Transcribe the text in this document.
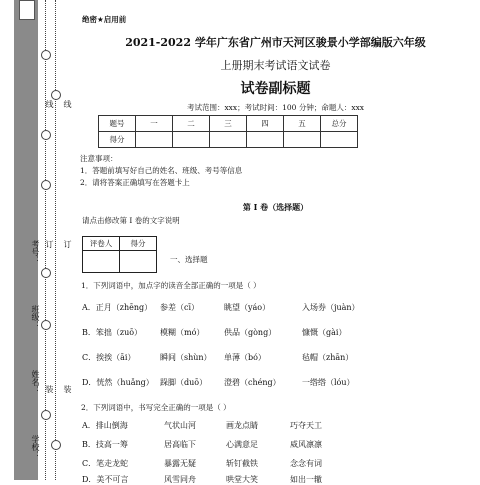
线
订
装
线
订
装
学校：
姓名：
班级：
考号：
绝密★启用前
2021-2022 学年广东省广州市天河区骏景小学部编版六年级
上册期末考试语文试卷
试卷副标题
考试范围：xxx；考试时间：100 分钟；命题人：xxx
题号	一	二	三	四	五	总分
得分						
注意事项：
1．答题前填写好自己的姓名、班级、考号等信息
2．请将答案正确填写在答题卡上
第 I 卷（选择题）
请点击修改第 I 卷的文字说明
评卷人	得分

一、选择题
1．下列词语中，加点字的读音全部正确的一项是（ ）
A．正月（zhēng） 参差（cī）	眺望（yáo）	入场券（juàn）
B．笨拙（zuō） 模糊（mó） 供品（gòng）	慷慨（gài）
C．挨挨（āi）	瞬间（shùn） 单薄（bó）	毡帽（zhān）
D．恍然（huǎng） 跺脚（duō） 澄碧（chéng）	一绺绺（lóu）
2．下列词语中，书写完全正确的一项是（ ）
A．排山倒海	气状山河	画龙点睛	巧夺天工
B．技高一筹	居高临下	心满意足	威风凛凛
C．笔走龙蛇	暴露无疑	斩钉截铁	念念有词
D．美不可言	风雪同舟	哄堂大笑	如出一辙
